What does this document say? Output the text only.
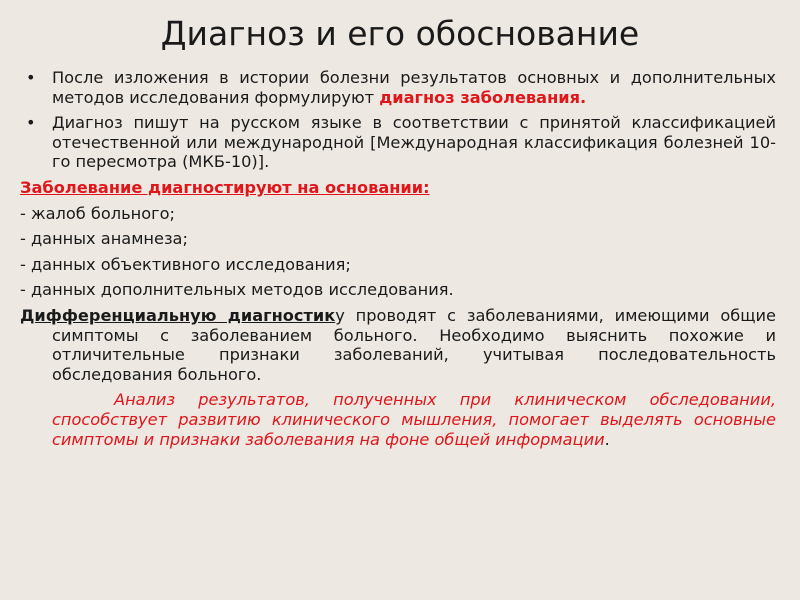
Диагноз и его обоснование
• После изложения в истории болезни результатов основных и дополнительных методов исследования формулируют диагноз заболевания.
• Диагноз пишут на русском языке в соответствии с принятой классификацией отечественной или международной [Международная классификация болезней 10-го пересмотра (МКБ-10)].
Заболевание диагностируют на основании:
- жалоб больного;
- данных анамнеза;
- данных объективного исследования;
- данных дополнительных методов исследования.
Дифференциальную диагностику проводят с заболеваниями, имеющими общие симптомы с заболеванием больного. Необходимо выяснить похожие и отличительные признаки заболеваний, учитывая последовательность обследования больного.
Анализ результатов, полученных при клиническом обследовании, способствует развитию клинического мышления, помогает выделять основные симптомы и признаки заболевания на фоне общей информации.
